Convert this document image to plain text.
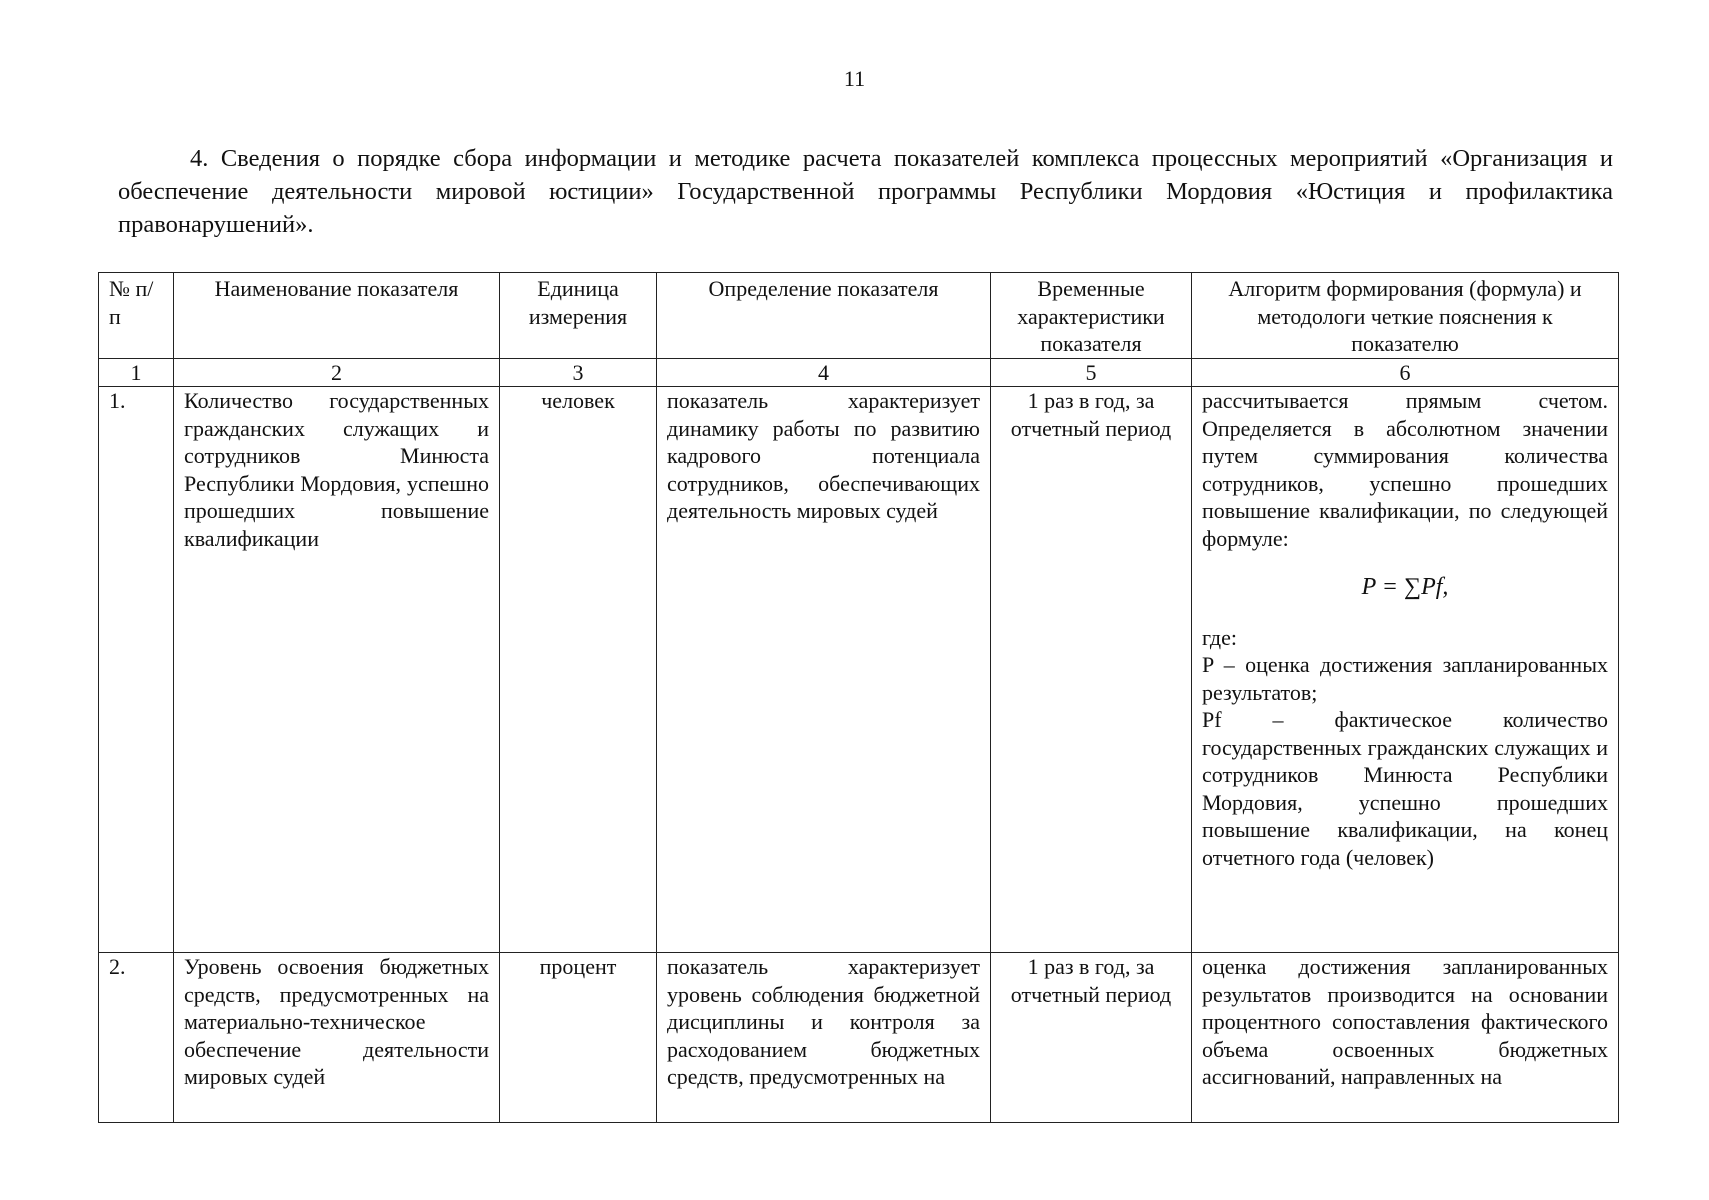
11
4. Сведения о порядке сбора информации и методике расчета показателей комплекса процессных мероприятий «Организация и обеспечение деятельности мировой юстиции» Государственной программы Республики Мордовия «Юстиция и профилактика правонарушений».
№ п/п	Наименование показателя	Единица измерения	Определение показателя	Временные характеристики показателя	Алгоритм формирования (формула) и методологи четкие пояснения к показателю
1	2	3	4	5	6
1.	Количество государственных гражданских служащих и сотрудников Минюста Республики Мордовия, успешно прошедших повышение квалификации	человек	показатель характеризует динамику работы по развитию кадрового потенциала сотрудников, обеспечивающих деятельность мировых судей	1 раз в год, за отчетный период	рассчитывается прямым счетом. Определяется в абсолютном значении путем суммирования количества сотрудников, успешно прошедших повышение квалификации, по следующей формуле:
P = ∑Pf,
где:
P – оценка достижения запланированных результатов;
Pf – фактическое количество государственных гражданских служащих и сотрудников Минюста Республики Мордовия, успешно прошедших повышение квалификации, на конец отчетного года (человек)

2.	Уровень освоения бюджетных средств, предусмотренных на материально-техническое обеспечение деятельности мировых судей	процент	показатель характеризует уровень соблюдения бюджетной дисциплины и контроля за расходованием бюджетных средств, предусмотренных на	1 раз в год, за отчетный период	оценка достижения запланированных результатов производится на основании процентного сопоставления фактического объема освоенных бюджетных ассигнований, направленных на
